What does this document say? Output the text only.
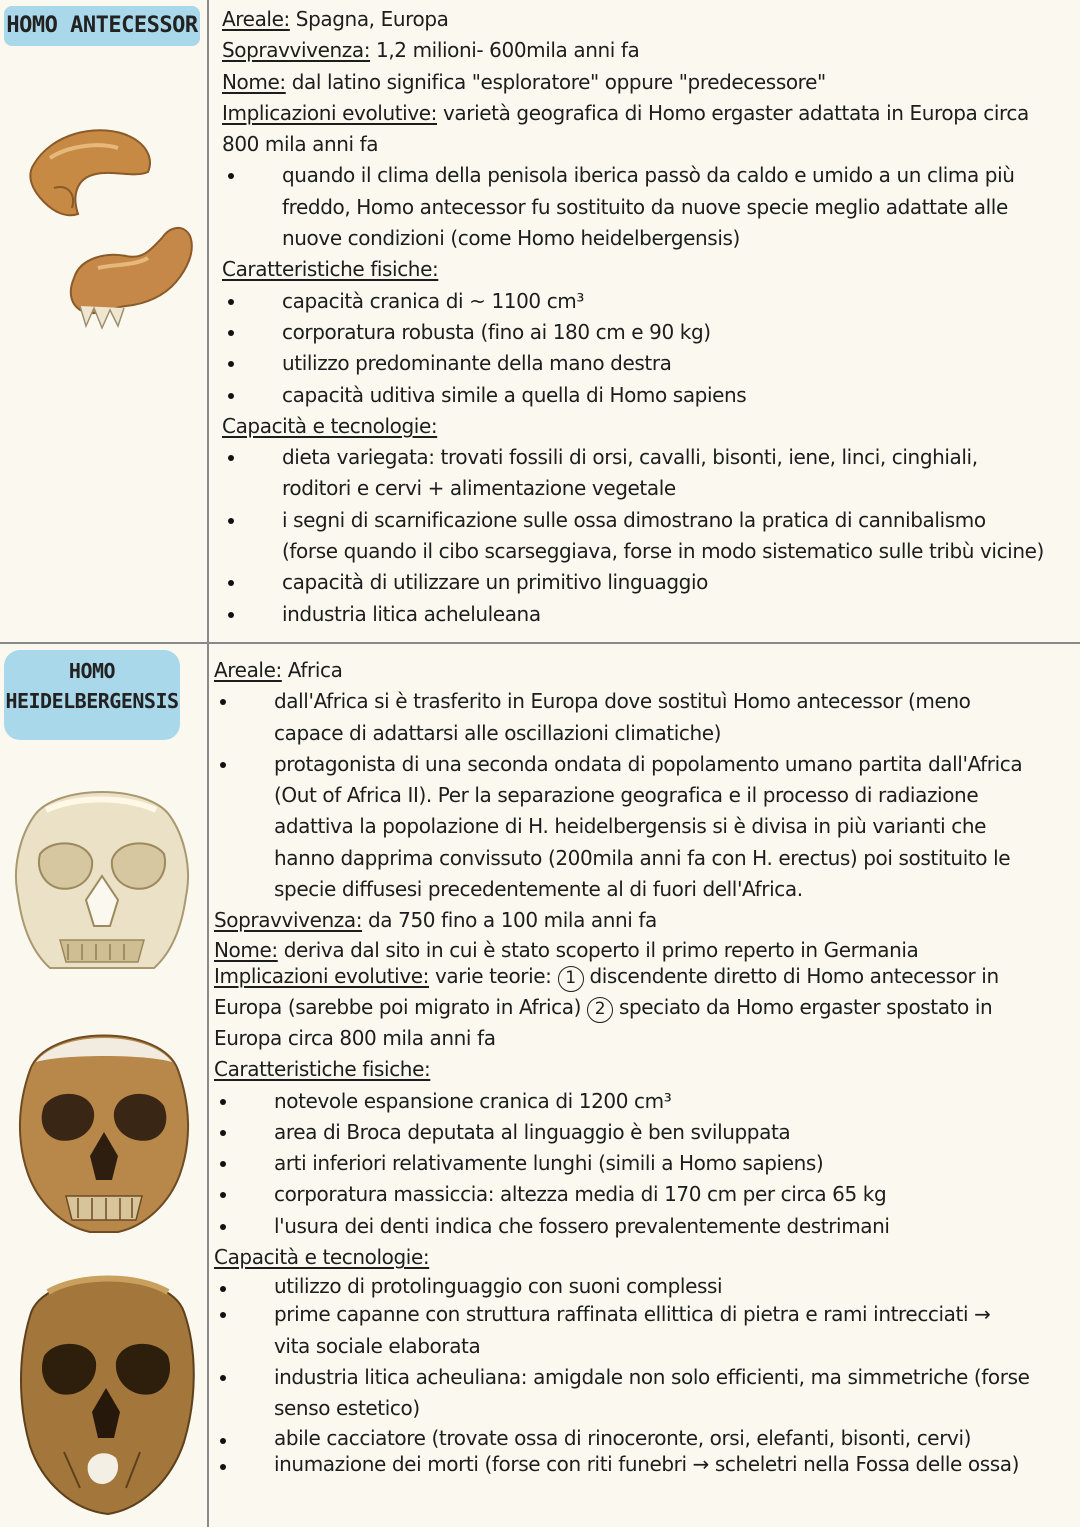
HOMO ANTECESSOR Areale: Spagna, Europa
Sopravvivenza: 1,2 milioni- 600mila anni fa
Nome: dal latino significa "esploratore" oppure "predecessore"
Implicazioni evolutive: varietà geografica di Homo ergaster adattata in Europa circa
800 mila anni fa
quando il clima della penisola iberica passò da caldo e umido a un clima più
freddo, Homo antecessor fu sostituito da nuove specie meglio adattate alle
nuove condizioni (come Homo heidelbergensis)
Caratteristiche fisiche:
capacità cranica di ~ 1100 cm³
corporatura robusta (fino ai 180 cm e 90 kg)
utilizzo predominante della mano destra
capacità uditiva simile a quella di Homo sapiens
Capacità e tecnologie:
dieta variegata: trovati fossili di orsi, cavalli, bisonti, iene, linci, cinghiali,
roditori e cervi + alimentazione vegetale
i segni di scarnificazione sulle ossa dimostrano la pratica di cannibalismo
(forse quando il cibo scarseggiava, forse in modo sistematico sulle tribù vicine)
capacità di utilizzare un primitivo linguaggio
industria litica acheluleana
HOMO
HEIDELBERGENSIS
Areale: Africa
dall'Africa si è trasferito in Europa dove sostituì Homo antecessor (meno
capace di adattarsi alle oscillazioni climatiche)
protagonista di una seconda ondata di popolamento umano partita dall'Africa
(Out of Africa II). Per la separazione geografica e il processo di radiazione
adattiva la popolazione di H. heidelbergensis si è divisa in più varianti che
hanno dapprima convissuto (200mila anni fa con H. erectus) poi sostituito le
specie diffusesi precedentemente al di fuori dell'Africa.
Sopravvivenza: da 750 fino a 100 mila anni fa
Nome: deriva dal sito in cui è stato scoperto il primo reperto in Germania
Implicazioni evolutive: varie teorie: 1 discendente diretto di Homo antecessor in
Europa (sarebbe poi migrato in Africa) 2 speciato da Homo ergaster spostato in
Europa circa 800 mila anni fa
Caratteristiche fisiche:
notevole espansione cranica di 1200 cm³
area di Broca deputata al linguaggio è ben sviluppata
arti inferiori relativamente lunghi (simili a Homo sapiens)
corporatura massiccia: altezza media di 170 cm per circa 65 kg
l'usura dei denti indica che fossero prevalentemente destrimani
Capacità e tecnologie:
utilizzo di protolinguaggio con suoni complessi
prime capanne con struttura raffinata ellittica di pietra e rami intrecciati →
vita sociale elaborata
industria litica acheuliana: amigdale non solo efficienti, ma simmetriche (forse
senso estetico)
abile cacciatore (trovate ossa di rinoceronte, orsi, elefanti, bisonti, cervi)
inumazione dei morti (forse con riti funebri → scheletri nella Fossa delle ossa)
